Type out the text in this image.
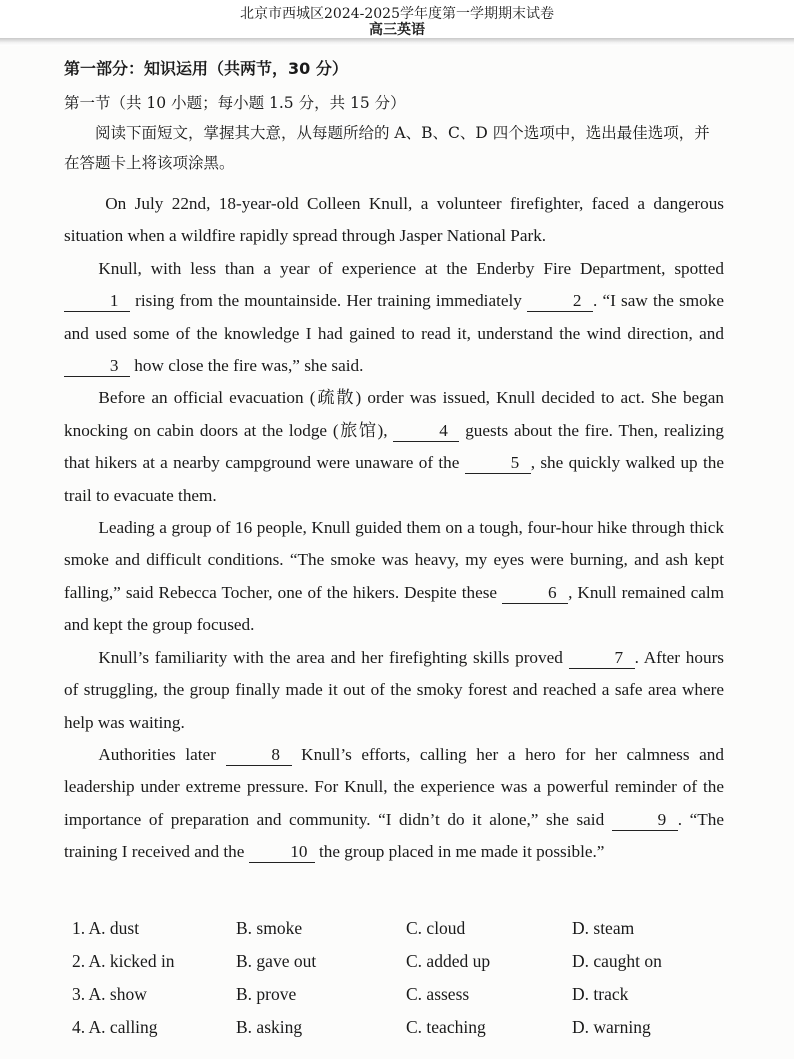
北京市西城区2024-2025学年度第一学期期末试卷
高三英语
第一部分：知识运用（共两节，30 分）
第一节（共 10 小题；每小题 1.5 分，共 15 分）
阅读下面短文，掌握其大意，从每题所给的 A、B、C、D 四个选项中，选出最佳选项，并在答题卡上将该项涂黑。

On July 22nd, 18-year-old Colleen Knull, a volunteer firefighter, faced a dangerous situation when a wildfire rapidly spread through Jasper National Park.

Knull, with less than a year of experience at the Enderby Fire Department, spotted 1 rising from the mountainside. Her training immediately	2 . “I saw the smoke and used some of the knowledge I had gained to read it, understand the wind direction, and 3 how close the fire was,” she said.

Before an official evacuation (疏散) order was issued, Knull decided to act. She began knocking on cabin doors at the lodge (旅馆),	4 guests about the fire. Then, realizing that hikers at a nearby campground were unaware of the	5 , she quickly walked up the trail to evacuate them.

Leading a group of 16 people, Knull guided them on a tough, four-hour hike through thick smoke and difficult conditions. “The smoke was heavy, my eyes were burning, and ash kept falling,” said Rebecca Tocher, one of the hikers. Despite these	6 , Knull remained calm and kept the group focused.

Knull’s familiarity with the area and her firefighting skills proved	7 . After hours of struggling, the group finally made it out of the smoky forest and reached a safe area where help was waiting.

Authorities later	8 Knull’s efforts, calling her a hero for her calmness and leadership under extreme pressure. For Knull, the experience was a powerful reminder of the importance of preparation and community. “I didn’t do it alone,” she said	9 . “The training I received and the 10 the group placed in me made it possible.”

1. A. dust	B. smoke	C. cloud	D. steam
2. A. kicked in	B. gave out	C. added up	D. caught on
3. A. show	B. prove	C. assess	D. track
4. A. calling	B. asking	C. teaching	D. warning
